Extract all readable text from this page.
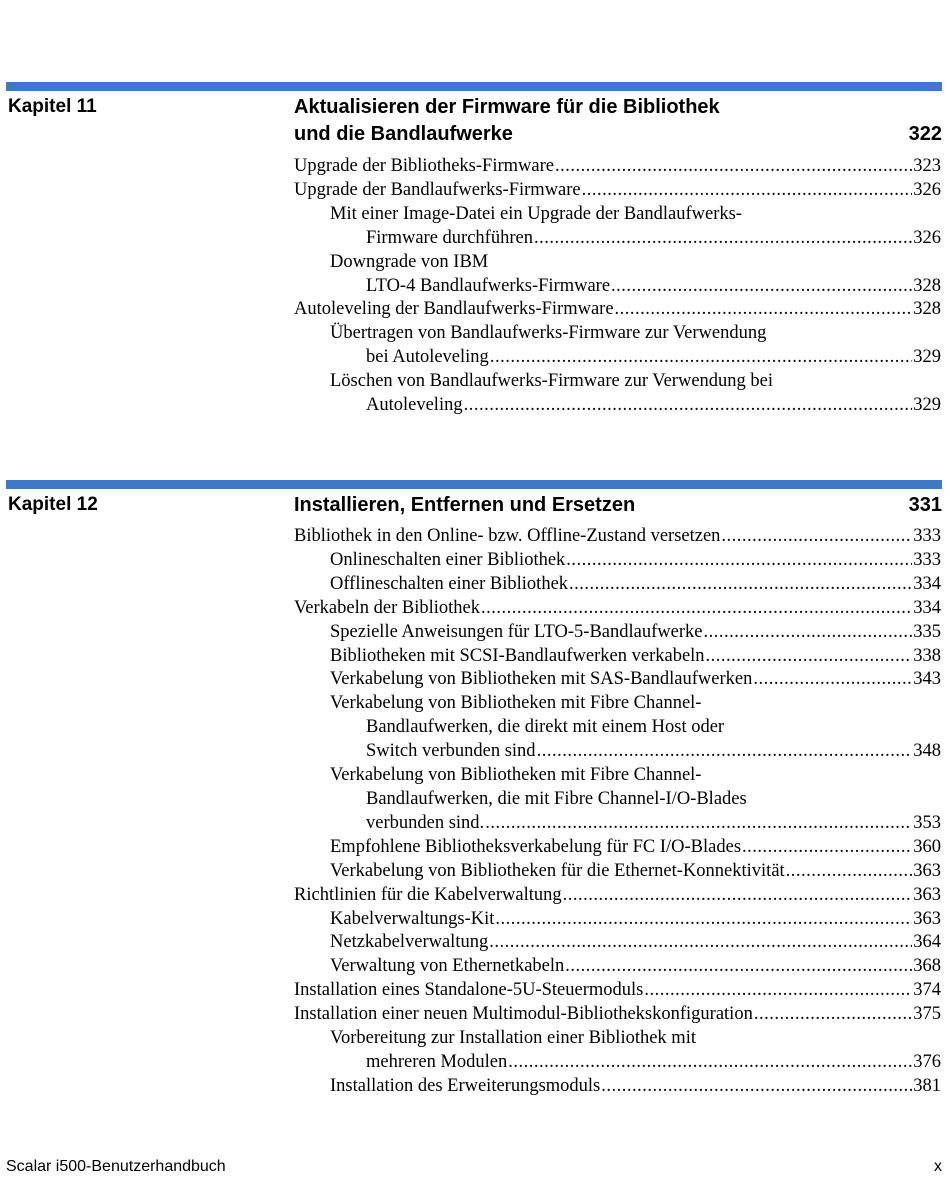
Kapitel 11	Aktualisieren der Firmware für die Bibliothek
und die Bandlaufwerke	322
Upgrade der Bibliotheks-Firmware .....	323
Upgrade der Bandlaufwerks-Firmware .....	326
Mit einer Image-Datei ein Upgrade der Bandlaufwerks-
Firmware durchführen .....	326
Downgrade von IBM
LTO-4 Bandlaufwerks-Firmware .....	328
Autoleveling der Bandlaufwerks-Firmware .....	328
Übertragen von Bandlaufwerks-Firmware zur Verwendung
bei Autoleveling .....	329
Löschen von Bandlaufwerks-Firmware zur Verwendung bei
Autoleveling .....	329
Kapitel 12	Installieren, Entfernen und Ersetzen	331
Bibliothek in den Online- bzw. Offline-Zustand versetzen .....	333
Onlineschalten einer Bibliothek .....	333
Offlineschalten einer Bibliothek .....	334
Verkabeln der Bibliothek .....	334
Spezielle Anweisungen für LTO-5-Bandlaufwerke .....	335
Bibliotheken mit SCSI-Bandlaufwerken verkabeln .....	338
Verkabelung von Bibliotheken mit SAS-Bandlaufwerken .....	343
Verkabelung von Bibliotheken mit Fibre Channel-
Bandlaufwerken, die direkt mit einem Host oder
Switch verbunden sind .....	348
Verkabelung von Bibliotheken mit Fibre Channel-
Bandlaufwerken, die mit Fibre Channel-I/O-Blades
verbunden sind. .....	353
Empfohlene Bibliotheksverkabelung für FC I/O-Blades .....	360
Verkabelung von Bibliotheken für die Ethernet-Konnektivität .....	363
Richtlinien für die Kabelverwaltung .....	363
Kabelverwaltungs-Kit .....	363
Netzkabelverwaltung .....	364
Verwaltung von Ethernetkabeln .....	368
Installation eines Standalone-5U-Steuermoduls .....	374
Installation einer neuen Multimodul-Bibliothekskonfiguration .....	375
Vorbereitung zur Installation einer Bibliothek mit
mehreren Modulen .....	376
Installation des Erweiterungsmoduls .....	381
Scalar i500-Benutzerhandbuch	x
